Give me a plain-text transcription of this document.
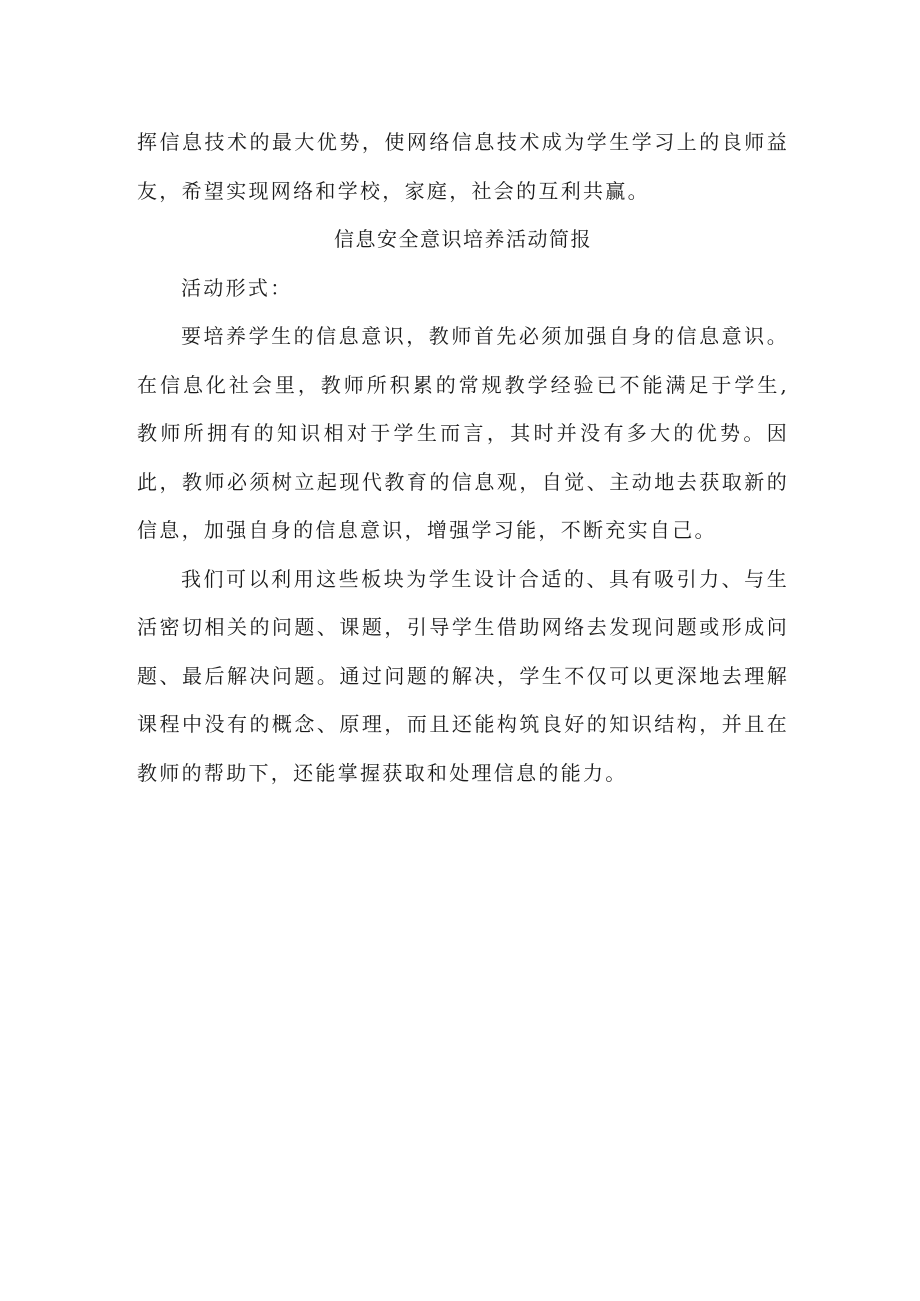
挥信息技术的最大优势，使网络信息技术成为学生学习上的良师益友，希望实现网络和学校，家庭，社会的互利共赢。

信息安全意识培养活动简报

活动形式：

要培养学生的信息意识，教师首先必须加强自身的信息意识。在信息化社会里，教师所积累的常规教学经验已不能满足于学生,教师所拥有的知识相对于学生而言，其时并没有多大的优势。因此，教师必须树立起现代教育的信息观，自觉、主动地去获取新的信息，加强自身的信息意识，增强学习能，不断充实自己。

我们可以利用这些板块为学生设计合适的、具有吸引力、与生活密切相关的问题、课题，引导学生借助网络去发现问题或形成问题、最后解决问题。通过问题的解决，学生不仅可以更深地去理解课程中没有的概念、原理，而且还能构筑良好的知识结构，并且在教师的帮助下，还能掌握获取和处理信息的能力。
